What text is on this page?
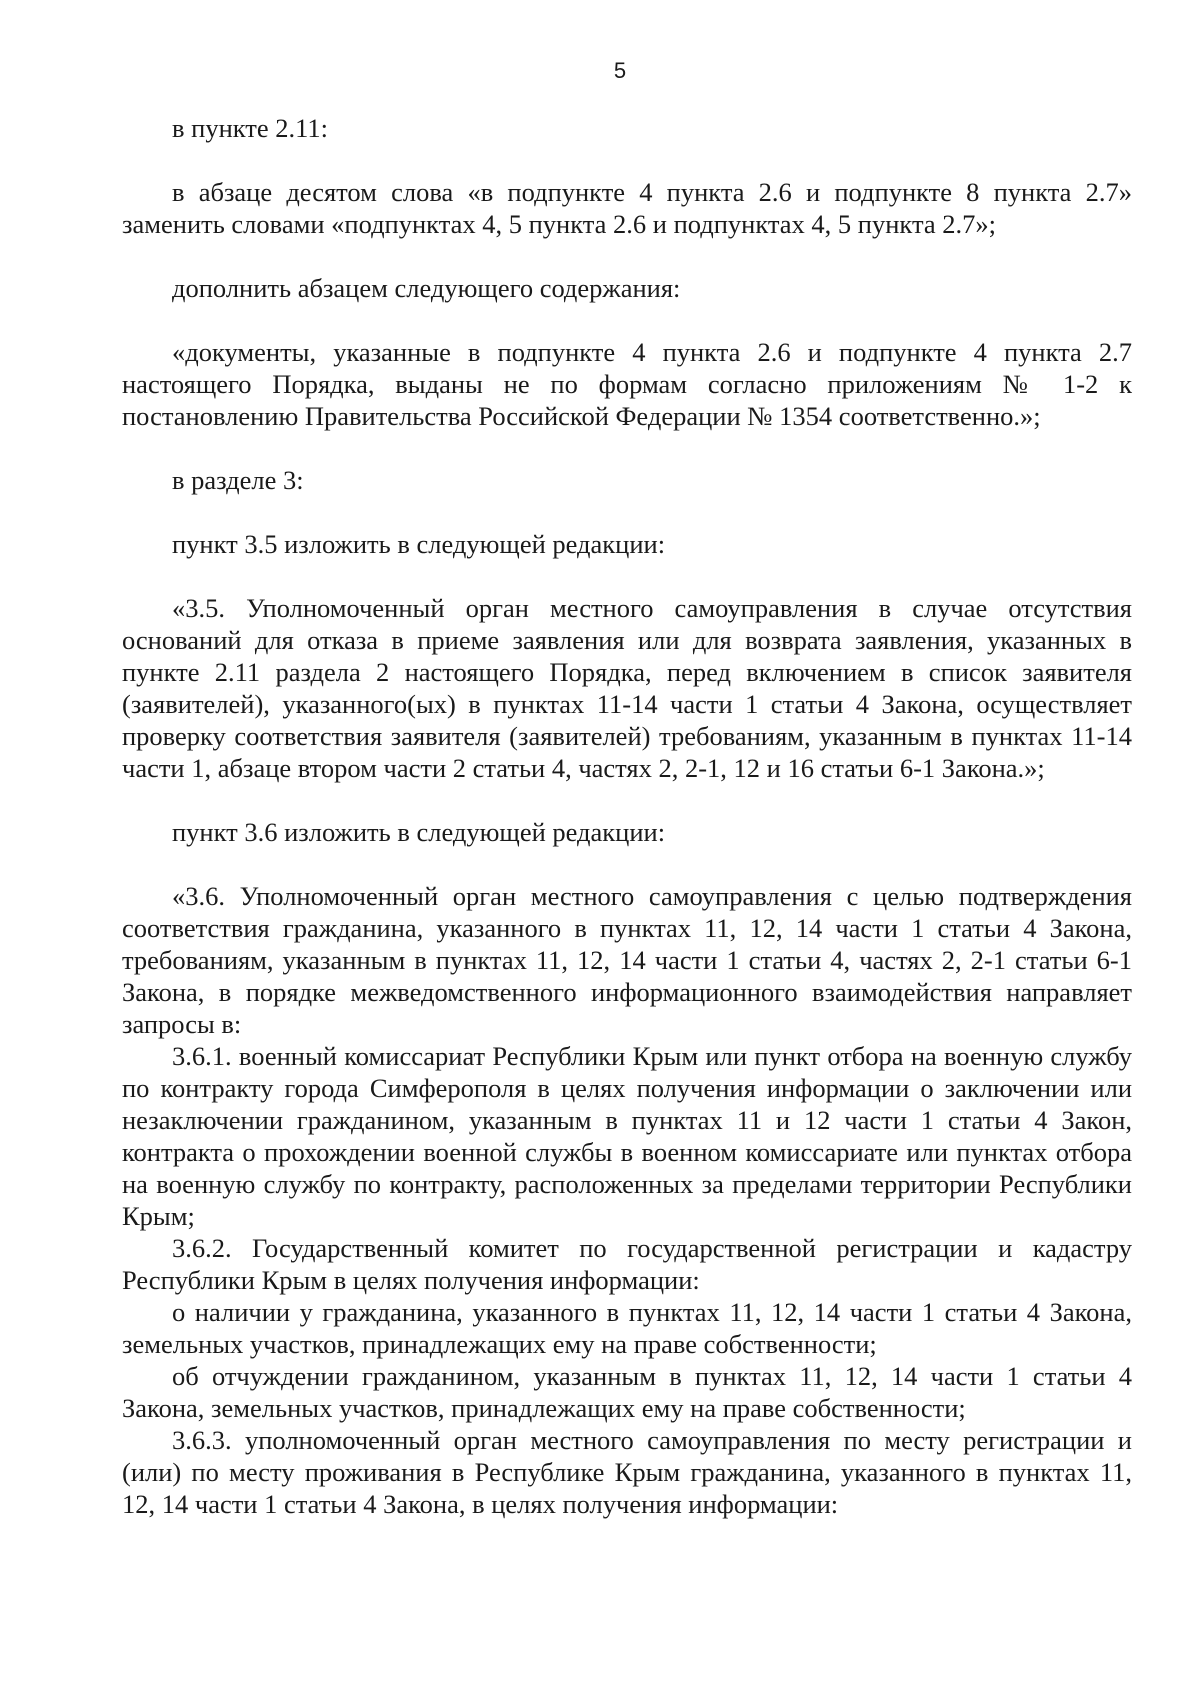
5

в пункте 2.11:

в абзаце десятом слова «в подпункте 4 пункта 2.6 и подпункте 8 пункта 2.7» заменить словами «подпунктах 4, 5 пункта 2.6 и подпунктах 4, 5 пункта 2.7»;

дополнить абзацем следующего содержания:

«документы, указанные в подпункте 4 пункта 2.6 и подпункте 4 пункта 2.7 настоящего Порядка, выданы не по формам согласно приложениям № 1-2 к постановлению Правительства Российской Федерации № 1354 соответственно.»;

в разделе 3:

пункт 3.5 изложить в следующей редакции:

«3.5. Уполномоченный орган местного самоуправления в случае отсутствия оснований для отказа в приеме заявления или для возврата заявления, указанных в пункте 2.11 раздела 2 настоящего Порядка, перед включением в список заявителя (заявителей), указанного(ых) в пунктах 11-14 части 1 статьи 4 Закона, осуществляет проверку соответствия заявителя (заявителей) требованиям, указанным в пунктах 11-14 части 1, абзаце втором части 2 статьи 4, частях 2, 2-1, 12 и 16 статьи 6-1 Закона.»;

пункт 3.6 изложить в следующей редакции:

«3.6. Уполномоченный орган местного самоуправления с целью подтверждения соответствия гражданина, указанного в пунктах 11, 12, 14 части 1 статьи 4 Закона, требованиям, указанным в пунктах 11, 12, 14 части 1 статьи 4, частях 2, 2-1 статьи 6-1 Закона, в порядке межведомственного информационного взаимодействия направляет запросы в:

3.6.1. военный комиссариат Республики Крым или пункт отбора на военную службу по контракту города Симферополя в целях получения информации о заключении или незаключении гражданином, указанным в пунктах 11 и 12 части 1 статьи 4 Закон, контракта о прохождении военной службы в военном комиссариате или пунктах отбора на военную службу по контракту, расположенных за пределами территории Республики Крым;

3.6.2. Государственный комитет по государственной регистрации и кадастру Республики Крым в целях получения информации:

о наличии у гражданина, указанного в пунктах 11, 12, 14 части 1 статьи 4 Закона, земельных участков, принадлежащих ему на праве собственности;

об отчуждении гражданином, указанным в пунктах 11, 12, 14 части 1 статьи 4 Закона, земельных участков, принадлежащих ему на праве собственности;

3.6.3. уполномоченный орган местного самоуправления по месту регистрации и (или) по месту проживания в Республике Крым гражданина, указанного в пунктах 11, 12, 14 части 1 статьи 4 Закона, в целях получения информации:
